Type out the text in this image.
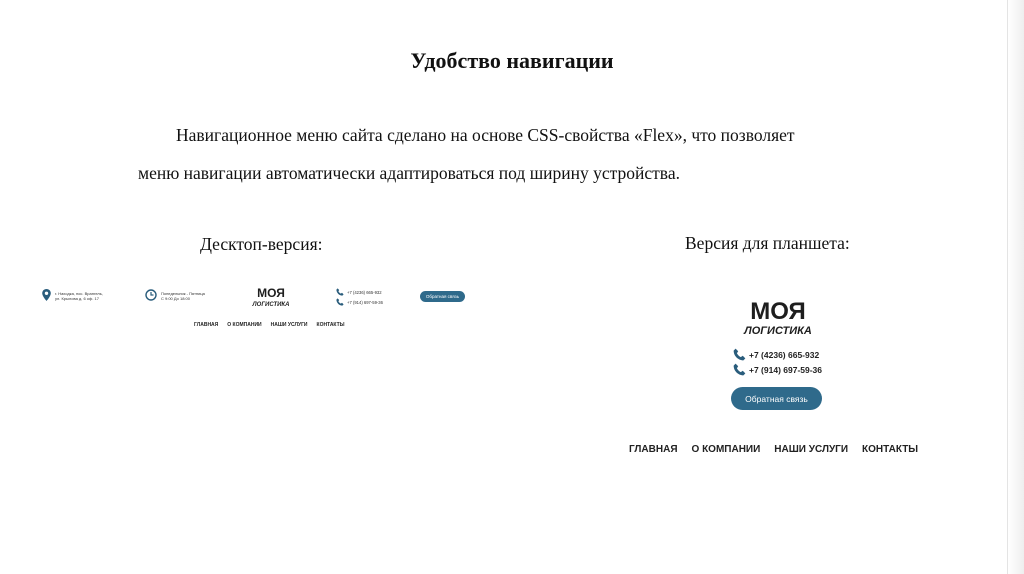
Удобство навигации
Навигационное меню сайта сделано на основе CSS-свойства «Flex», что позволяет
меню навигации автоматически адаптироваться под ширину устройства.
Десктоп-версия:	Версия для планшета:
г. Находка, пос. Врангель,
ул. Крылова д. 6 оф. 17
Понедельник - Пятница
С 9:00 До 18:00	МОЯ
ЛОГИСТИКА
+7 (4236) 665-932
+7 (914) 697-59-36
Обратная связь
ГЛАВНАЯ О КОМПАНИИ НАШИ УСЛУГИ КОНТАКТЫ	МОЯ
ЛОГИСТИКА
+7 (4236) 665-932
+7 (914) 697-59-36
Обратная связь
ГЛАВНАЯ О КОМПАНИИ НАШИ УСЛУГИ КОНТАКТЫ
